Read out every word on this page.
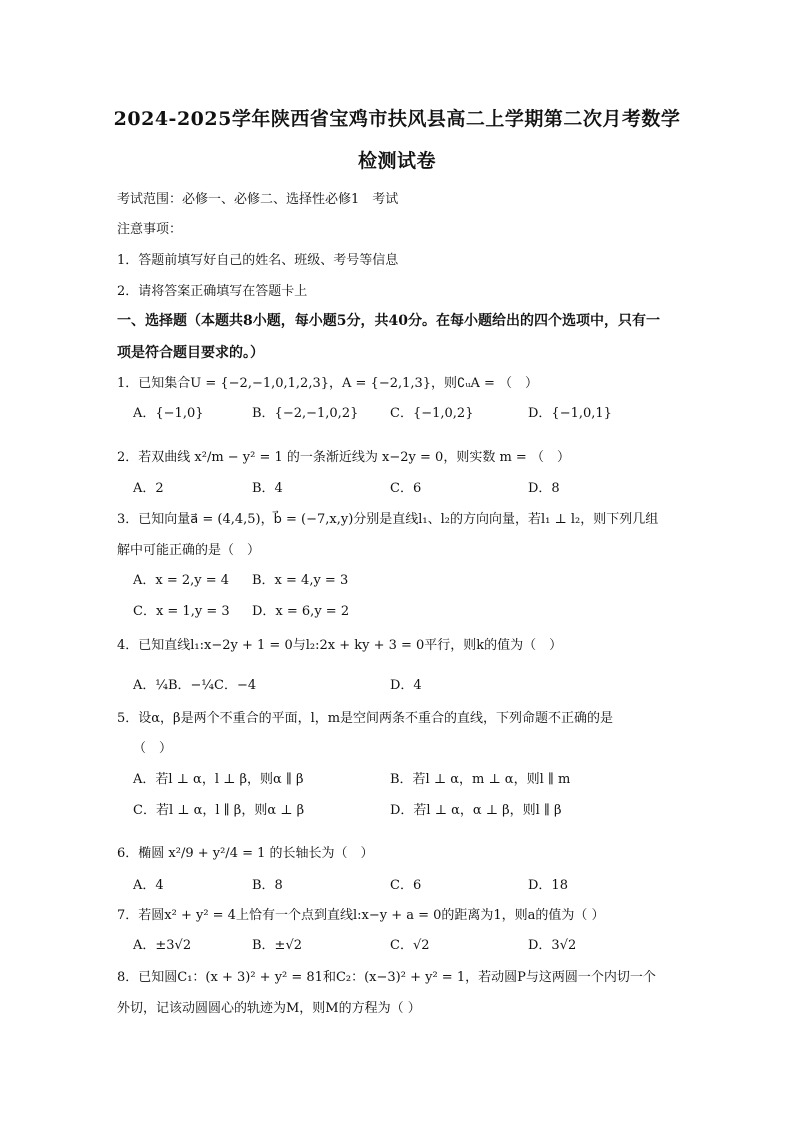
2024-2025学年陕西省宝鸡市扶风县高二上学期第二次月考数学
检测试卷
考试范围：必修一、必修二、选择性必修1　考试
注意事项：
1．答题前填写好自己的姓名、班级、考号等信息
2．请将答案正确填写在答题卡上
一、选择题（本题共8小题，每小题5分，共40分。在每小题给出的四个选项中，只有一
项是符合题目要求的。）
1．已知集合U = {−2,−1,0,1,2,3}，A = {−2,1,3}，则∁ᵤA = （　）
A．{−1,0}	B．{−2,−1,0,2} C．{−1,0,2}	D．{−1,0,1}
2．若双曲线 x²/m − y² = 1 的一条渐近线为 x−2y = 0，则实数 m = （　）
A．2	B．4	C．6	D．8
3．已知向量a⃗ = (4,4,5)，b⃗ = (−7,x,y)分别是直线l₁、l₂的方向向量，若l₁ ⊥ l₂，则下列几组
解中可能正确的是（　）
A．x = 2,y = 4 B．x = 4,y = 3
C．x = 1,y = 3 D．x = 6,y = 2
4．已知直线l₁:x−2y + 1 = 0与l₂:2x + ky + 3 = 0平行，则k的值为（　）
A．¼B．−¼C．−4	D．4
5．设α，β是两个不重合的平面，l，m是空间两条不重合的直线，下列命题不正确的是
（　）
A．若l ⊥ α，l ⊥ β，则α ∥ β	B．若l ⊥ α，m ⊥ α，则l ∥ m
C．若l ⊥ α，l ∥ β，则α ⊥ β	D．若l ⊥ α，α ⊥ β，则l ∥ β
6．椭圆 x²/9 + y²/4 = 1 的长轴长为（　）
A．4	B．8	C．6	D．18
7．若圆x² + y² = 4上恰有一个点到直线l:x−y + a = 0的距离为1，则a的值为（ ）
A．±3√2	B．±√2	C．√2	D．3√2
8．已知圆C₁：(x + 3)² + y² = 81和C₂：(x−3)² + y² = 1，若动圆P与这两圆一个内切一个
外切，记该动圆圆心的轨迹为M，则M的方程为（ ）
